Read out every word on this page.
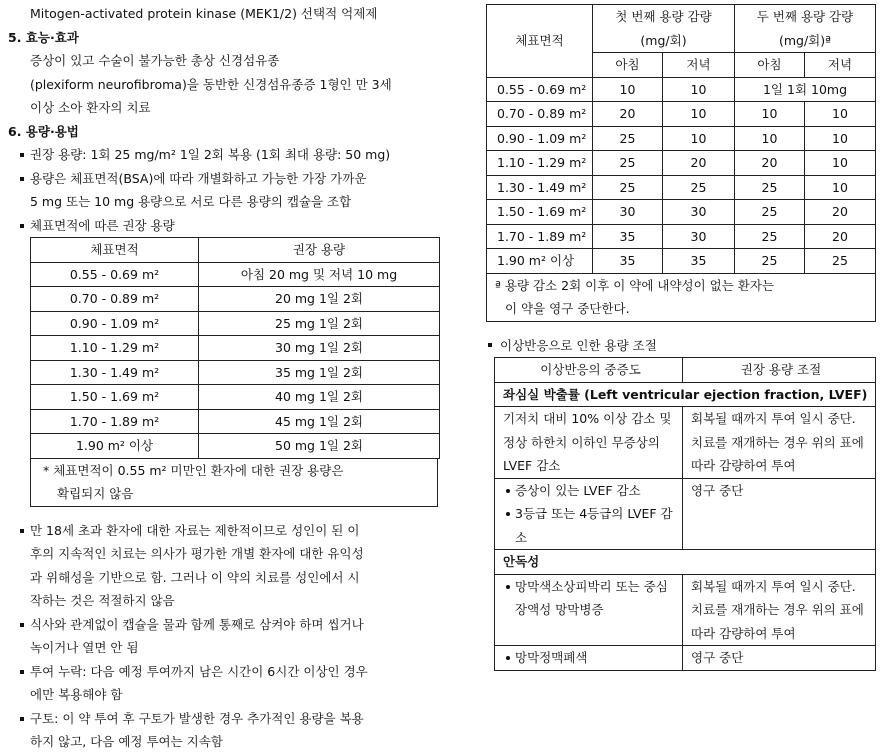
Mitogen-activated protein kinase (MEK1/2) 선택적 억제제

5. 효능·효과

증상이 있고 수술이 불가능한 총상 신경섬유종

(plexiform neurofibroma)을 동반한 신경섬유종증 1형인 만 3세

이상 소아 환자의 치료

6. 용량·용법

권장 용량: 1회 25 mg/m² 1일 2회 복용 (1회 최대 용량: 50 mg)

용량은 체표면적(BSA)에 따라 개별화하고 가능한 가장 가까운

5 mg 또는 10 mg 용량으로 서로 다른 용량의 캡슐을 조합

체표면적에 따른 권장 용량

체표면적	권장 용량
0.55 - 0.69 m²	아침 20 mg 및 저녁 10 mg
0.70 - 0.89 m²	20 mg 1일 2회
0.90 - 1.09 m²	25 mg 1일 2회
1.10 - 1.29 m²	30 mg 1일 2회
1.30 - 1.49 m²	35 mg 1일 2회
1.50 - 1.69 m²	40 mg 1일 2회
1.70 - 1.89 m²	45 mg 1일 2회
1.90 m² 이상	50 mg 1일 2회

* 체표면적이 0.55 m² 미만인 환자에 대한 권장 용량은

확립되지 않음

만 18세 초과 환자에 대한 자료는 제한적이므로 성인이 된 이

후의 지속적인 치료는 의사가 평가한 개별 환자에 대한 유익성

과 위해성을 기반으로 함. 그러나 이 약의 치료를 성인에서 시

작하는 것은 적절하지 않음

식사와 관계없이 캡슐을 물과 함께 통째로 삼켜야 하며 씹거나

녹이거나 열면 안 됨

투여 누락: 다음 예정 투여까지 남은 시간이 6시간 이상인 경우

에만 복용해야 함

구토: 이 약 투여 후 구토가 발생한 경우 추가적인 용량을 복용

하지 않고, 다음 예정 투여는 지속함

체표면적	첫 번째 용량 감량
(mg/회)		두 번째 용량 감량
(mg/회)ª	

	아침	저녁	아침	저녁
0.55 - 0.69 m²	10	10	1일 1회 10mg	
0.70 - 0.89 m²	20	10	10	10
0.90 - 1.09 m²	25	10	10	10
1.10 - 1.29 m²	25	20	20	10
1.30 - 1.49 m²	25	25	25	10
1.50 - 1.69 m²	30	30	25	20
1.70 - 1.89 m²	35	30	25	20
1.90 m² 이상	35	35	25	25

ª 용량 감소 2회 이후 이 약에 내약성이 없는 환자는

이 약을 영구 중단한다.

이상반응으로 인한 용량 조절

이상반응의 중증도	권장 용량 조절
좌심실 박출률 (Left ventricular ejection fraction, LVEF)	
기저치 대비 10% 이상 감소 및 정상 하한치 이하인 무증상의 LVEF 감소	회복될 때까지 투여 일시 중단. 치료를 재개하는 경우 위의 표에 따라 감량하여 투여

증상이 있는 LVEF 감소
3등급 또는 4등급의 LVEF 감소	영구 중단
안독성	

망막색소상피박리 또는 중심장액성 망막병증	회복될 때까지 투여 일시 중단. 치료를 재개하는 경우 위의 표에 따라 감량하여 투여

망막정맥폐색	영구 중단
